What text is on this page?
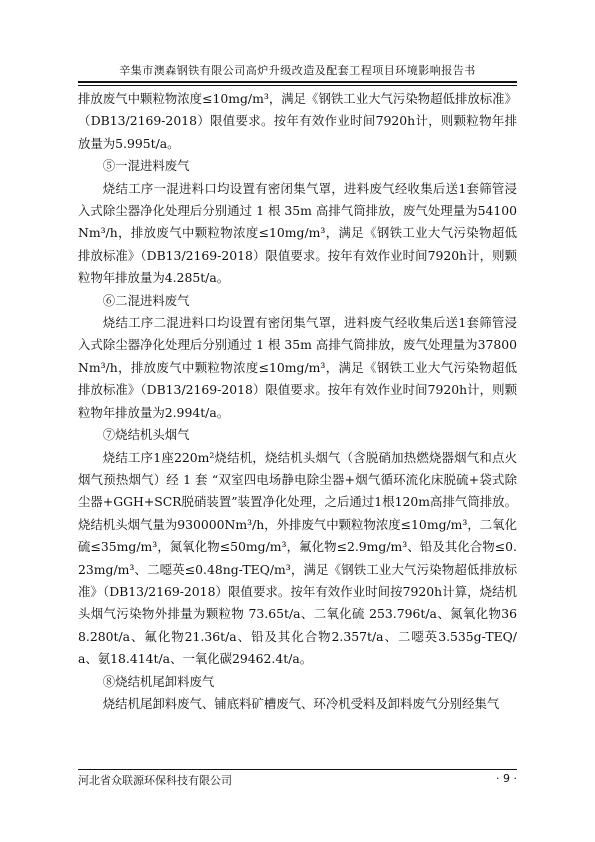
辛集市澳森钢铁有限公司高炉升级改造及配套工程项目环境影响报告书

排放废气中颗粒物浓度≤10mg/m³，满足《钢铁工业大气污染物超低排放标准》（DB13/2169-2018）限值要求。按年有效作业时间7920h计，则颗粒物年排放量为5.995t/a。

⑤一混进料废气

烧结工序一混进料口均设置有密闭集气罩，进料废气经收集后送1套筛管浸入式除尘器净化处理后分别通过 1 根 35m 高排气筒排放，废气处理量为54100Nm³/h，排放废气中颗粒物浓度≤10mg/m³，满足《钢铁工业大气污染物超低排放标准》（DB13/2169-2018）限值要求。按年有效作业时间7920h计，则颗粒物年排放量为4.285t/a。

⑥二混进料废气

烧结工序二混进料口均设置有密闭集气罩，进料废气经收集后送1套筛管浸入式除尘器净化处理后分别通过 1 根 35m 高排气筒排放，废气处理量为37800Nm³/h，排放废气中颗粒物浓度≤10mg/m³，满足《钢铁工业大气污染物超低排放标准》（DB13/2169-2018）限值要求。按年有效作业时间7920h计，则颗粒物年排放量为2.994t/a。

⑦烧结机头烟气

烧结工序1座220m²烧结机，烧结机头烟气（含脱硝加热燃烧器烟气和点火烟气预热烟气）经 1 套 “双室四电场静电除尘器+烟气循环流化床脱硫+袋式除尘器+GGH+SCR脱硝装置”装置净化处理，之后通过1根120m高排气筒排放。烧结机头烟气量为930000Nm³/h，外排废气中颗粒物浓度≤10mg/m³，二氧化硫≤35mg/m³，氮氧化物≤50mg/m³，氟化物≤2.9mg/m³、铅及其化合物≤0.23mg/m³、二噁英≤0.48ng-TEQ/m³，满足《钢铁工业大气污染物超低排放标准》（DB13/2169-2018）限值要求。按年有效作业时间按7920h计算，烧结机头烟气污染物外排量为颗粒物 73.65t/a、二氧化硫 253.796t/a、氮氧化物368.280t/a、氟化物21.36t/a、铅及其化合物2.357t/a、二噁英3.535g-TEQ/a、氨18.414t/a、一氧化碳29462.4t/a。

⑧烧结机尾卸料废气

烧结机尾卸料废气、铺底料矿槽废气、环冷机受料及卸料废气分别经集气

河北省众联源环保科技有限公司	· 9 ·
